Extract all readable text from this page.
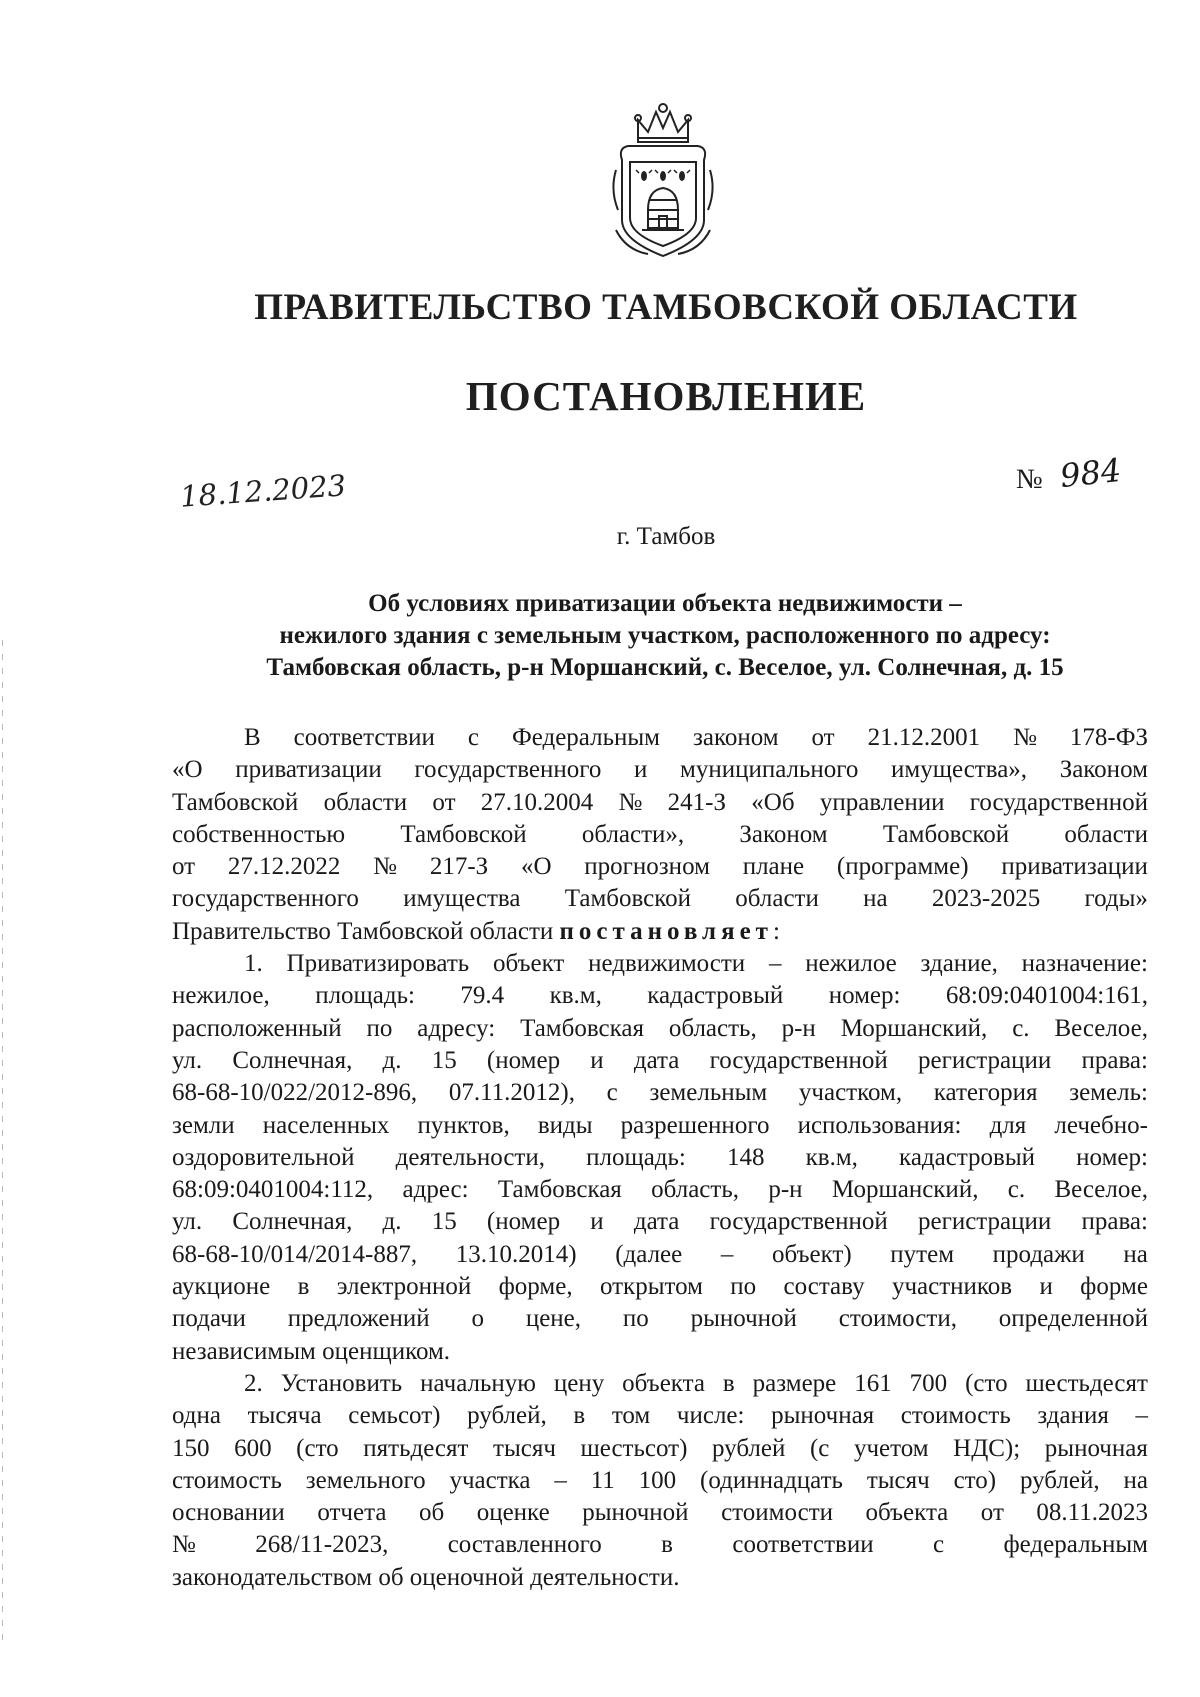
ПРАВИТЕЛЬСТВО ТАМБОВСКОЙ ОБЛАСТИ
ПОСТАНОВЛЕНИЕ
18.12.2023	№ 984
г. Тамбов
Об условиях приватизации объекта недвижимости –
нежилого здания с земельным участком, расположенного по адресу:
Тамбовская область, р-н Моршанский, с. Веселое, ул. Солнечная, д. 15
В соответствии с Федеральным законом от 21.12.2001 № 178-ФЗ
«О приватизации государственного и муниципального имущества», Законом
Тамбовской области от 27.10.2004 № 241-З «Об управлении государственной
собственностью Тамбовской области», Законом Тамбовской области
от 27.12.2022 № 217-З «О прогнозном плане (программе) приватизации
государственного имущества Тамбовской области на 2023-2025 годы»
Правительство Тамбовской области постановляет :
1. Приватизировать объект недвижимости – нежилое здание, назначение:
нежилое, площадь: 79.4 кв.м, кадастровый номер: 68:09:0401004:161,
расположенный по адресу: Тамбовская область, р-н Моршанский, с. Веселое,
ул. Солнечная, д. 15 (номер и дата государственной регистрации права:
68-68-10/022/2012-896, 07.11.2012), с земельным участком, категория земель:
земли населенных пунктов, виды разрешенного использования: для лечебно-
оздоровительной деятельности, площадь: 148 кв.м, кадастровый номер:
68:09:0401004:112, адрес: Тамбовская область, р-н Моршанский, с. Веселое,
ул. Солнечная, д. 15 (номер и дата государственной регистрации права:
68-68-10/014/2014-887, 13.10.2014) (далее – объект) путем продажи на
аукционе в электронной форме, открытом по составу участников и форме
подачи предложений о цене, по рыночной стоимости, определенной
независимым оценщиком.
2. Установить начальную цену объекта в размере 161 700 (сто шестьдесят
одна тысяча семьсот) рублей, в том числе: рыночная стоимость здания –
150 600 (сто пятьдесят тысяч шестьсот) рублей (с учетом НДС); рыночная
стоимость земельного участка – 11 100 (одиннадцать тысяч сто) рублей, на
основании отчета об оценке рыночной стоимости объекта от 08.11.2023
№ 268/11-2023, составленного в соответствии с федеральным
законодательством об оценочной деятельности.
